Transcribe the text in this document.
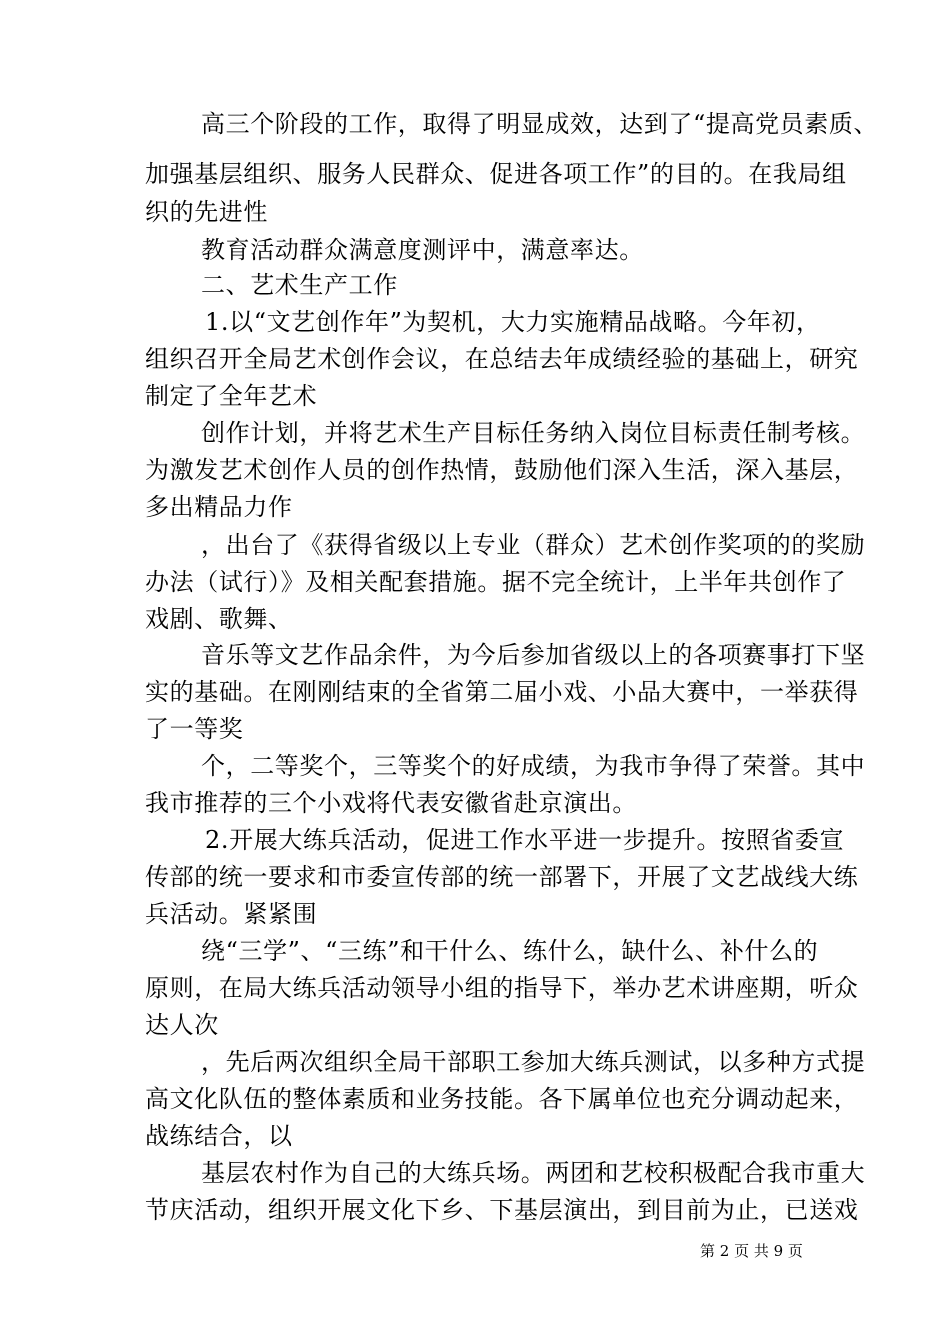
高三个阶段的工作，取得了明显成效，达到了“提高党员素质、
加强基层组织、服务人民群众、促进各项工作”的目的。在我局组
织的先进性
教育活动群众满意度测评中，满意率达。
二、艺术生产工作
1.以“文艺创作年”为契机，大力实施精品战略。今年初，
组织召开全局艺术创作会议，在总结去年成绩经验的基础上，研究
制定了全年艺术
创作计划，并将艺术生产目标任务纳入岗位目标责任制考核。
为激发艺术创作人员的创作热情，鼓励他们深入生活，深入基层，
多出精品力作
，出台了《获得省级以上专业（群众）艺术创作奖项的的奖励
办法（试行）》及相关配套措施。据不完全统计，上半年共创作了
戏剧、歌舞、
音乐等文艺作品余件，为今后参加省级以上的各项赛事打下坚
实的基础。在刚刚结束的全省第二届小戏、小品大赛中，一举获得
了一等奖
个，二等奖个，三等奖个的好成绩，为我市争得了荣誉。其中
我市推荐的三个小戏将代表安徽省赴京演出。
2.开展大练兵活动，促进工作水平进一步提升。按照省委宣
传部的统一要求和市委宣传部的统一部署下，开展了文艺战线大练
兵活动。紧紧围
绕“三学”、“三练”和干什么、练什么，缺什么、补什么的
原则，在局大练兵活动领导小组的指导下，举办艺术讲座期，听众
达人次
，先后两次组织全局干部职工参加大练兵测试，以多种方式提
高文化队伍的整体素质和业务技能。各下属单位也充分调动起来，
战练结合，以
基层农村作为自己的大练兵场。两团和艺校积极配合我市重大
节庆活动，组织开展文化下乡、下基层演出，到目前为止，已送戏
第 2 页 共 9 页
